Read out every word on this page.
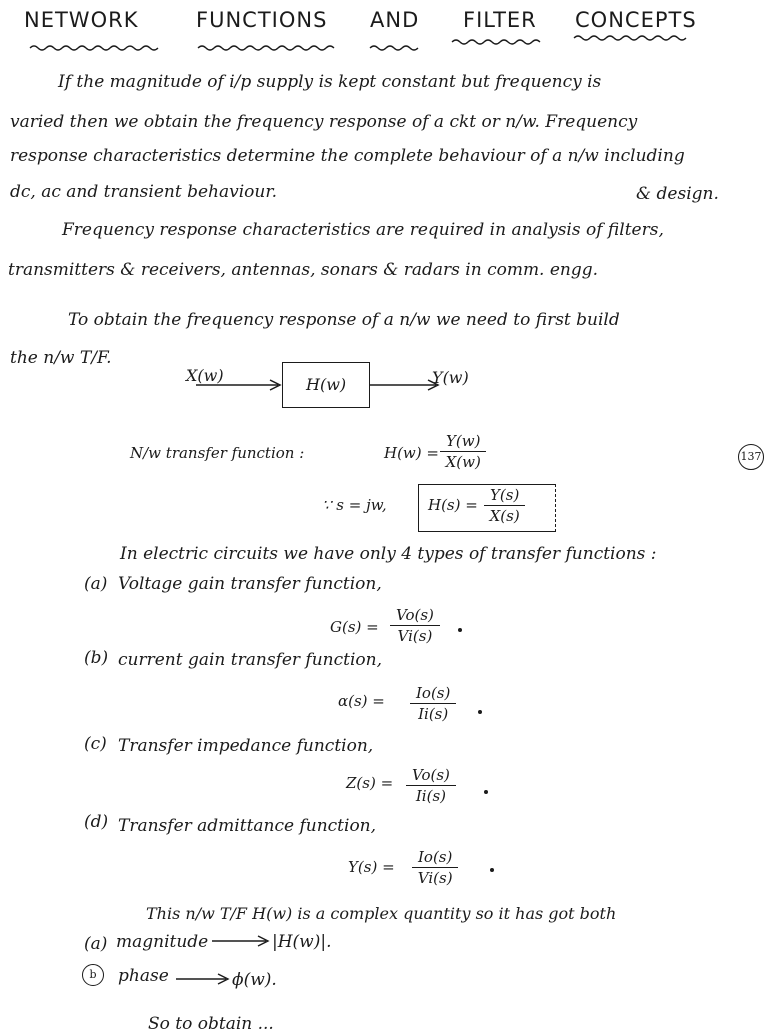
NETWORK	FUNCTIONS AND FILTER CONCEPTS
If the magnitude of i/p supply is kept constant but frequency is
varied then we obtain the frequency response of a ckt or n/w. Frequency
response characteristics determine the complete behaviour of a n/w including
dc, ac and transient behaviour.	& design.
Frequency response characteristics are required in analysis of filters,
transmitters & receivers, antennas, sonars & radars in comm. engg.
To obtain the frequency response of a n/w we need to first build
the n/w T/F.
X(w)	H(w)	Y(w)
N/w transfer function :	$H(w) = \frac{Y(w)}{X(w)}$	137
∵ s = jw,	$H(s) = \frac{Y(s)}{X(s)}$
In electric circuits we have only 4 types of transfer functions :
(a) Voltage gain transfer function,
$G(s) = \frac{Vo(s)}{Vi(s)}$
(b) current gain transfer function,
$\alpha(s) = \frac{Io(s)}{Ii(s)}$
(c) Transfer impedance function,
$Z(s) = \frac{Vo(s)}{Ii(s)}$
(d) Transfer admittance function,
$Y(s) = \frac{Io(s)}{Vi(s)}$
This n/w T/F H(w) is a complex quantity so it has got both
(a) magnitude	|H(w)|.
b	phase	ϕ(w).
So to obtain ...
